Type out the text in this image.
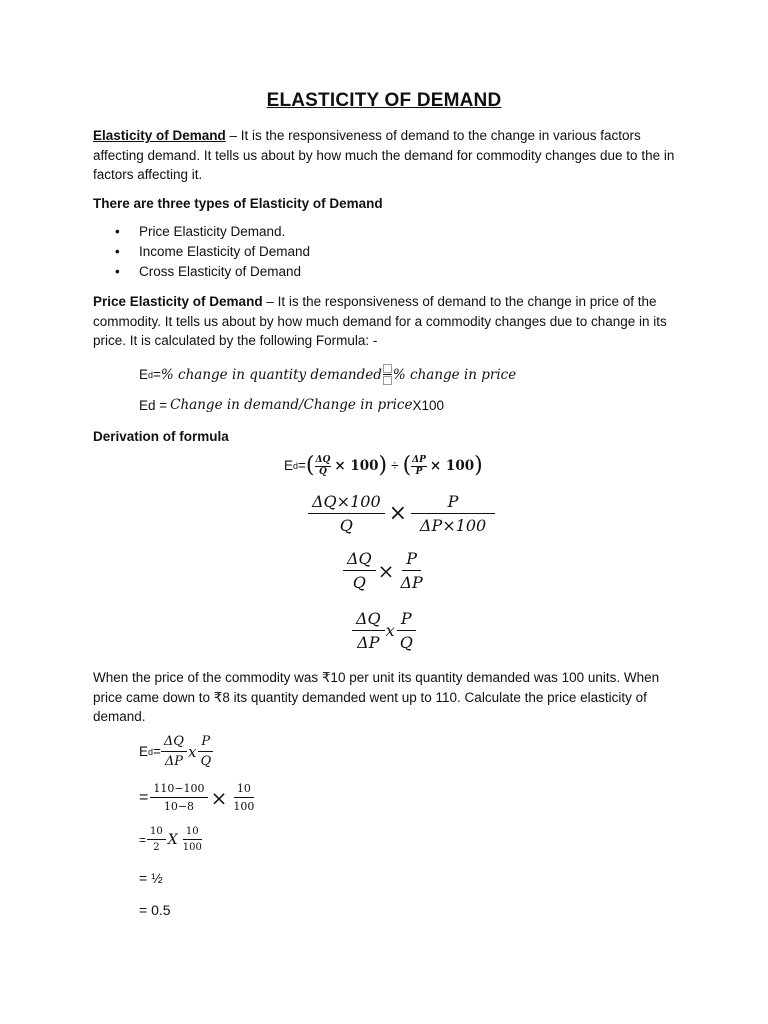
ELASTICITY OF DEMAND
Elasticity of Demand – It is the responsiveness of demand to the change in various factors affecting demand. It tells us about by how much the demand for commodity changes due to the in factors affecting it.
There are three types of Elasticity of Demand
• Price Elasticity Demand.
• Income Elasticity of Demand
• Cross Elasticity of Demand
Price Elasticity of Demand – It is the responsiveness of demand to the change in price of the commodity. It tells us about by how much demand for a commodity changes due to change in its price. It is calculated by the following Formula: -
E d = % change in quantity demanded % change in price
Ed = Change in demand/Change in price X100
Derivation of formula
E d = ( $\frac{\Delta Q}{Q} \times 100$ ) ÷ ( $\frac{\Delta P}{P} \times 100$ )
$\frac{\Delta Q\times 100}{Q} \times \frac{P}{\Delta P\times 100}$
$\frac{\Delta Q}{Q} \times \frac{P}{\Delta P}$
$\frac{\Delta Q}{\Delta P}$ x $\frac{P}{Q}$
When the price of the commodity was ₹10 per unit its quantity demanded was 100 units. When price came down to ₹8 its quantity demanded went up to 110. Calculate the price elasticity of demand.
E $d = \frac{\Delta Q}{\Delta P}$ x $\frac{P}{Q}$
= $\frac{110-100}{10-8} \times \frac{10}{100}$
= $\frac{10}{2}$ X $\frac{10}{100}$
= ½
= 0.5
